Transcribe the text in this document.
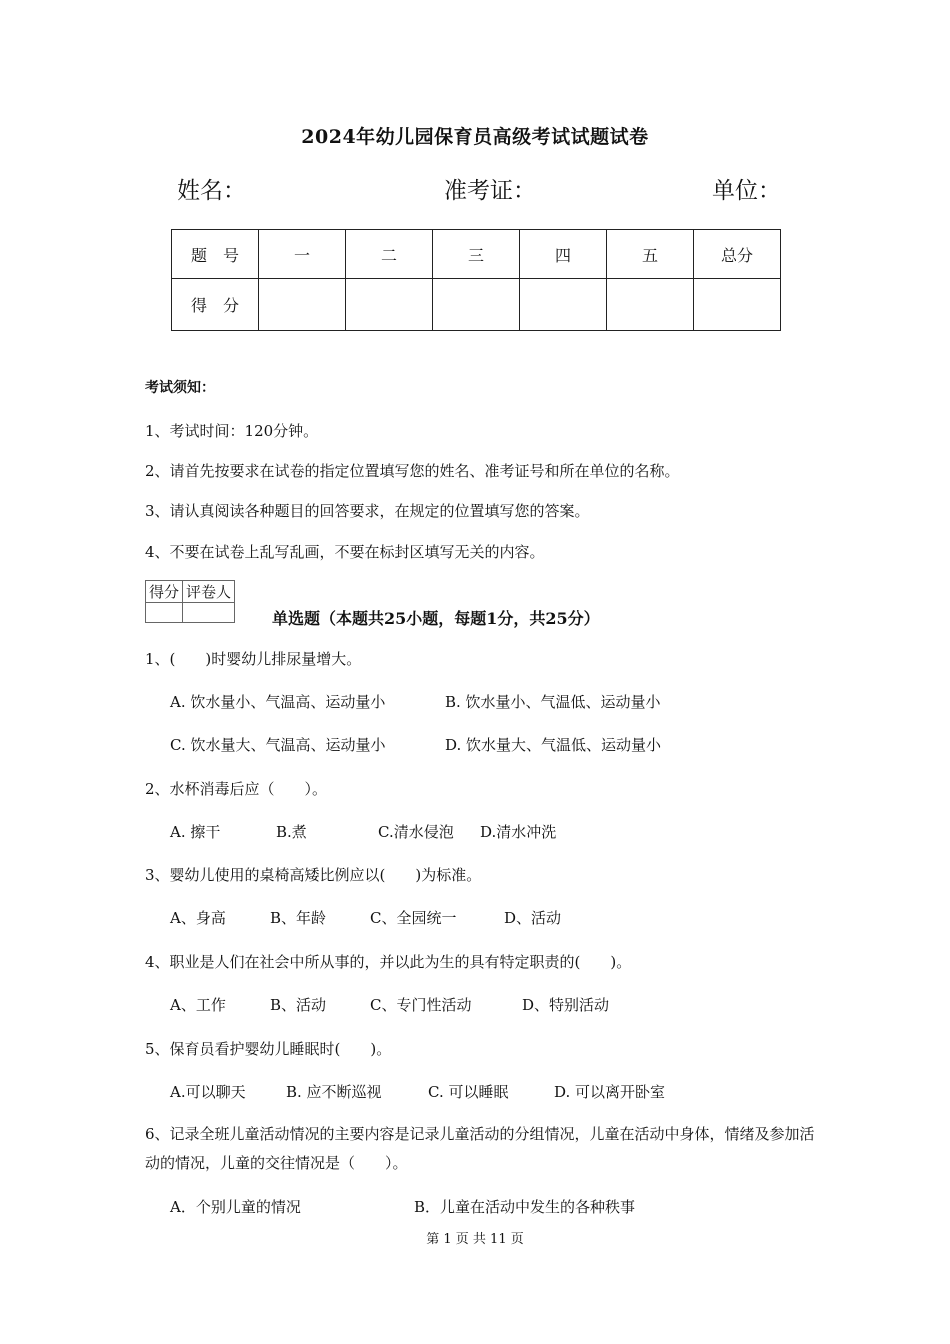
2024年幼儿园保育员高级考试试题试卷
姓名：	准考证：	单位：
题　号	一	二	三	四	五	总分
得　分						
考试须知：
1、考试时间：120分钟。
2、请首先按要求在试卷的指定位置填写您的姓名、准考证号和所在单位的名称。
3、请认真阅读各种题目的回答要求，在规定的位置填写您的答案。
4、不要在试卷上乱写乱画，不要在标封区填写无关的内容。
得分	评卷人

单选题（本题共25小题，每题1分，共25分）
1、(　　)时婴幼儿排尿量增大。
A. 饮水量小、气温高、运动量小	B. 饮水量小、气温低、运动量小
C. 饮水量大、气温高、运动量小	D. 饮水量大、气温低、运动量小
2、水杯消毒后应（　　）。
A. 擦干	B.煮	C.清水侵泡 D.清水冲洗
3、婴幼儿使用的桌椅高矮比例应以(　　)为标准。
A、身高	B、年龄	C、全园统一	D、活动
4、职业是人们在社会中所从事的，并以此为生的具有特定职责的(　　)。
A、工作	B、活动	C、专门性活动	D、特别活动
5、保育员看护婴幼儿睡眠时(　　)。
A.可以聊天	B. 应不断巡视	C. 可以睡眠	D. 可以离开卧室
6、记录全班儿童活动情况的主要内容是记录儿童活动的分组情况，儿童在活动中身体，情绪及参加活动的情况，儿童的交往情况是（　　）。
A．个别儿童的情况	B．儿童在活动中发生的各种秩事
第 1 页 共 11 页
